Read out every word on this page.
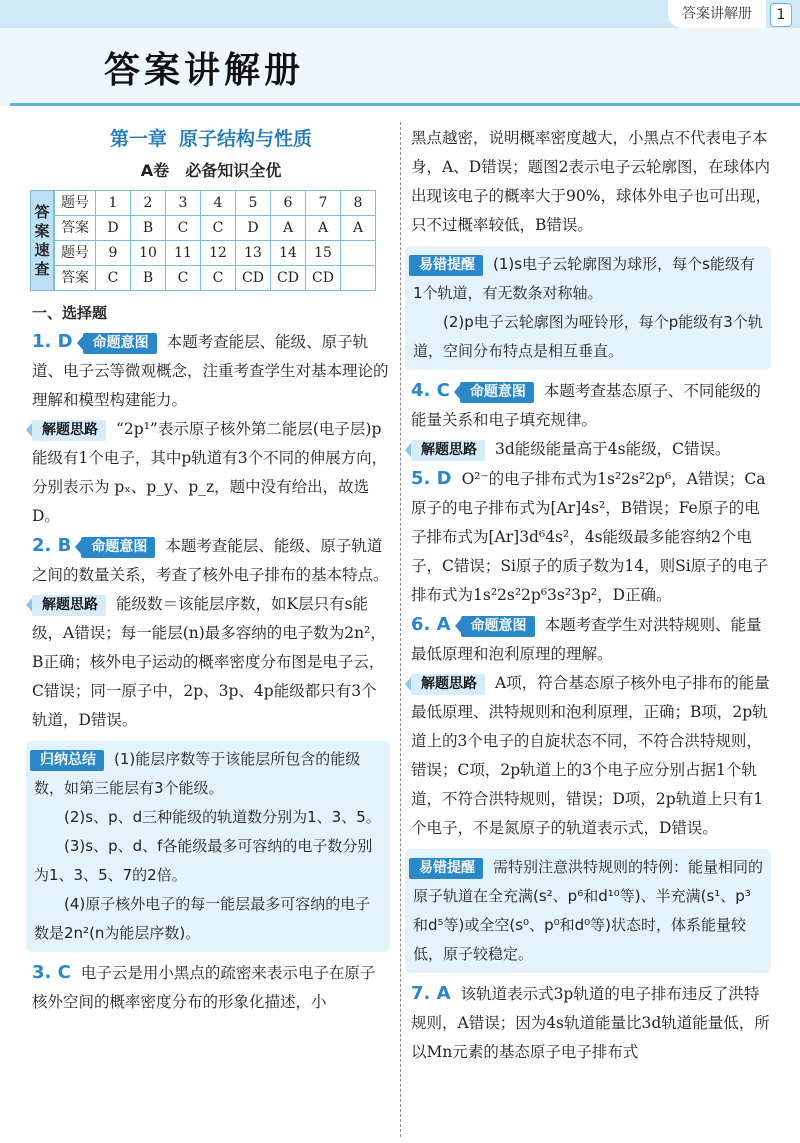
答案讲解册	1
答案讲解册
第一章 原子结构与性质
A卷 必备知识全优
答案速查
题号	1	2	3	4	5	6	7	8
答案	D	B	C	C	D	A	A	A
题号	9	10	11	12	13	14	15	
答案	C	B	C	C	CD	CD	CD	
一、选择题

1. D 命题意图 本题考查能层、能级、原子轨道、电子云等微观概念，注重考查学生对基本理论的理解和模型构建能力。

解题思路 “2p¹”表示原子核外第二能层(电子层)p能级有1个电子，其中p轨道有3个不同的伸展方向，分别表示为 pₓ、p_y、p_z，题中没有给出，故选D。

2. B 命题意图 本题考查能层、能级、原子轨道之间的数量关系，考查了核外电子排布的基本特点。

解题思路 能级数＝该能层序数，如K层只有s能级，A错误；每一能层(n)最多容纳的电子数为2n²，B正确；核外电子运动的概率密度分布图是电子云，C错误；同一原子中，2p、3p、4p能级都只有3个轨道，D错误。

归纳总结 (1)能层序数等于该能层所包含的能级数，如第三能层有3个能级。

(2)s、p、d三种能级的轨道数分别为1、3、5。

(3)s、p、d、f各能级最多可容纳的电子数分别为1、3、5、7的2倍。

(4)原子核外电子的每一能层最多可容纳的电子数是2n²(n为能层序数)。

3. C 电子云是用小黑点的疏密来表示电子在原子核外空间的概率密度分布的形象化描述，小

黑点越密，说明概率密度越大，小黑点不代表电子本身，A、D错误；题图2表示电子云轮廓图，在球体内出现该电子的概率大于90%，球体外电子也可出现，只不过概率较低，B错误。

易错提醒 (1)s电子云轮廓图为球形，每个s能级有1个轨道，有无数条对称轴。

(2)p电子云轮廓图为哑铃形，每个p能级有3个轨道，空间分布特点是相互垂直。

4. C 命题意图 本题考查基态原子、不同能级的能量关系和电子填充规律。

解题思路 3d能级能量高于4s能级，C错误。

5. D O²⁻的电子排布式为1s²2s²2p⁶，A错误；Ca原子的电子排布式为[Ar]4s²，B错误；Fe原子的电子排布式为[Ar]3d⁶4s²，4s能级最多能容纳2个电子，C错误；Si原子的质子数为14，则Si原子的电子排布式为1s²2s²2p⁶3s²3p²，D正确。

6. A 命题意图 本题考查学生对洪特规则、能量最低原理和泡利原理的理解。

解题思路 A项，符合基态原子核外电子排布的能量最低原理、洪特规则和泡利原理，正确；B项，2p轨道上的3个电子的自旋状态不同，不符合洪特规则，错误；C项，2p轨道上的3个电子应分别占据1个轨道，不符合洪特规则，错误；D项，2p轨道上只有1个电子，不是氮原子的轨道表示式，D错误。

易错提醒 需特别注意洪特规则的特例：能量相同的原子轨道在全充满(s²、p⁶和d¹⁰等)、半充满(s¹、p³和d⁵等)或全空(s⁰、p⁰和d⁰等)状态时，体系能量较低，原子较稳定。

7. A 该轨道表示式3p轨道的电子排布违反了洪特规则，A错误；因为4s轨道能量比3d轨道能量低，所以Mn元素的基态原子电子排布式
